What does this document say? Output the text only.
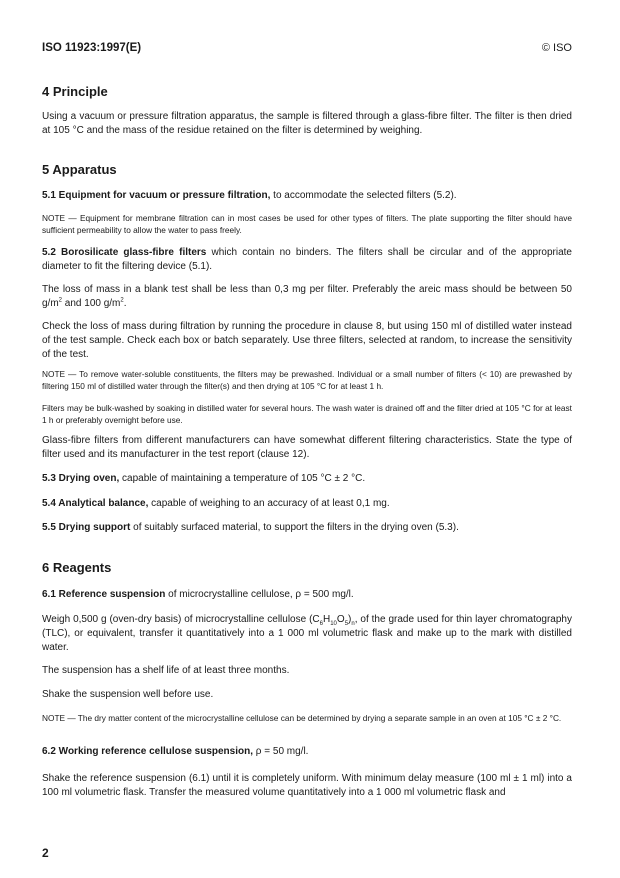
ISO 11923:1997(E)	© ISO
4 Principle
Using a vacuum or pressure filtration apparatus, the sample is filtered through a glass-fibre filter. The filter is then dried at 105 °C and the mass of the residue retained on the filter is determined by weighing.
5 Apparatus
5.1 Equipment for vacuum or pressure filtration, to accommodate the selected filters (5.2).
NOTE — Equipment for membrane filtration can in most cases be used for other types of filters. The plate supporting the filter should have sufficient permeability to allow the water to pass freely.
5.2 Borosilicate glass-fibre filters which contain no binders. The filters shall be circular and of the appropriate diameter to fit the filtering device (5.1).
The loss of mass in a blank test shall be less than 0,3 mg per filter. Preferably the areic mass should be between 50 $g/m^2$ and 100 $g/m^2$.
Check the loss of mass during filtration by running the procedure in clause 8, but using 150 ml of distilled water instead of the test sample. Check each box or batch separately. Use three filters, selected at random, to increase the sensitivity of the test.
NOTE — To remove water-soluble constituents, the filters may be prewashed. Individual or a small number of filters (< 10) are prewashed by filtering 150 ml of distilled water through the filter(s) and then drying at 105 °C for at least 1 h.
Filters may be bulk-washed by soaking in distilled water for several hours. The wash water is drained off and the filter dried at 105 °C for at least 1 h or preferably overnight before use.
Glass-fibre filters from different manufacturers can have somewhat different filtering characteristics. State the type of filter used and its manufacturer in the test report (clause 12).
5.3 Drying oven, capable of maintaining a temperature of 105 °C ± 2 °C.
5.4 Analytical balance, capable of weighing to an accuracy of at least 0,1 mg.
5.5 Drying support of suitably surfaced material, to support the filters in the drying oven (5.3).
6 Reagents
6.1 Reference suspension of microcrystalline cellulose, ρ = 500 mg/l.
Weigh 0,500 g (oven-dry basis) of microcrystalline cellulose $(C_6H_{10}O_5)_n$, of the grade used for thin layer chromatography (TLC), or equivalent, transfer it quantitatively into a 1 000 ml volumetric flask and make up to the mark with distilled water.
The suspension has a shelf life of at least three months.
Shake the suspension well before use.
NOTE — The dry matter content of the microcrystalline cellulose can be determined by drying a separate sample in an oven at 105 °C ± 2 °C.
6.2 Working reference cellulose suspension, ρ = 50 mg/l.
Shake the reference suspension (6.1) until it is completely uniform. With minimum delay measure (100 ml ± 1 ml) into a 100 ml volumetric flask. Transfer the measured volume quantitatively into a 1 000 ml volumetric flask and
2
